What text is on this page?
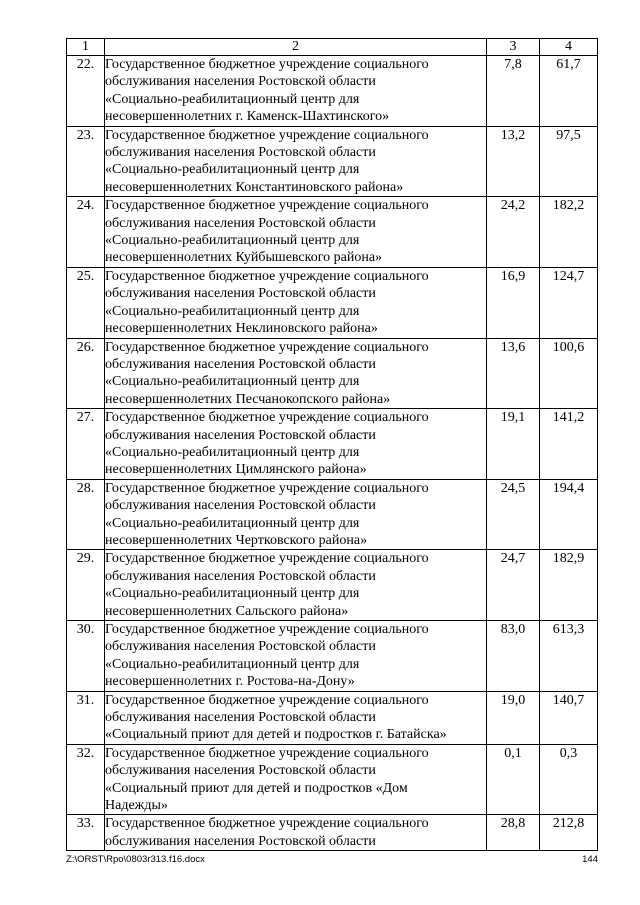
1	2	3	4
22.	Государственное бюджетное учреждение социального
обслуживания населения Ростовской области
«Социально-реабилитационный центр для
несовершеннолетних г. Каменск-Шахтинского»	7,8	61,7
23.	Государственное бюджетное учреждение социального
обслуживания населения Ростовской области
«Социально-реабилитационный центр для
несовершеннолетних Константиновского района»	13,2	97,5
24.	Государственное бюджетное учреждение социального
обслуживания населения Ростовской области
«Социально-реабилитационный центр для
несовершеннолетних Куйбышевского района»	24,2	182,2
25.	Государственное бюджетное учреждение социального
обслуживания населения Ростовской области
«Социально-реабилитационный центр для
несовершеннолетних Неклиновского района»	16,9	124,7
26.	Государственное бюджетное учреждение социального
обслуживания населения Ростовской области
«Социально-реабилитационный центр для
несовершеннолетних Песчанокопского района»	13,6	100,6
27.	Государственное бюджетное учреждение социального
обслуживания населения Ростовской области
«Социально-реабилитационный центр для
несовершеннолетних Цимлянского района»	19,1	141,2
28.	Государственное бюджетное учреждение социального
обслуживания населения Ростовской области
«Социально-реабилитационный центр для
несовершеннолетних Чертковского района»	24,5	194,4
29.	Государственное бюджетное учреждение социального
обслуживания населения Ростовской области
«Социально-реабилитационный центр для
несовершеннолетних Сальского района»	24,7	182,9
30.	Государственное бюджетное учреждение социального
обслуживания населения Ростовской области
«Социально-реабилитационный центр для
несовершеннолетних г. Ростова-на-Дону»	83,0	613,3
31.	Государственное бюджетное учреждение социального
обслуживания населения Ростовской области
«Социальный приют для детей и подростков г. Батайска»	19,0	140,7
32.	Государственное бюджетное учреждение социального
обслуживания населения Ростовской области
«Социальный приют для детей и подростков «Дом
Надежды»	0,1	0,3
33.	Государственное бюджетное учреждение социального
обслуживания населения Ростовской области	28,8	212,8
Z:\ORST\Rpo\0803r313.f16.docx	144
